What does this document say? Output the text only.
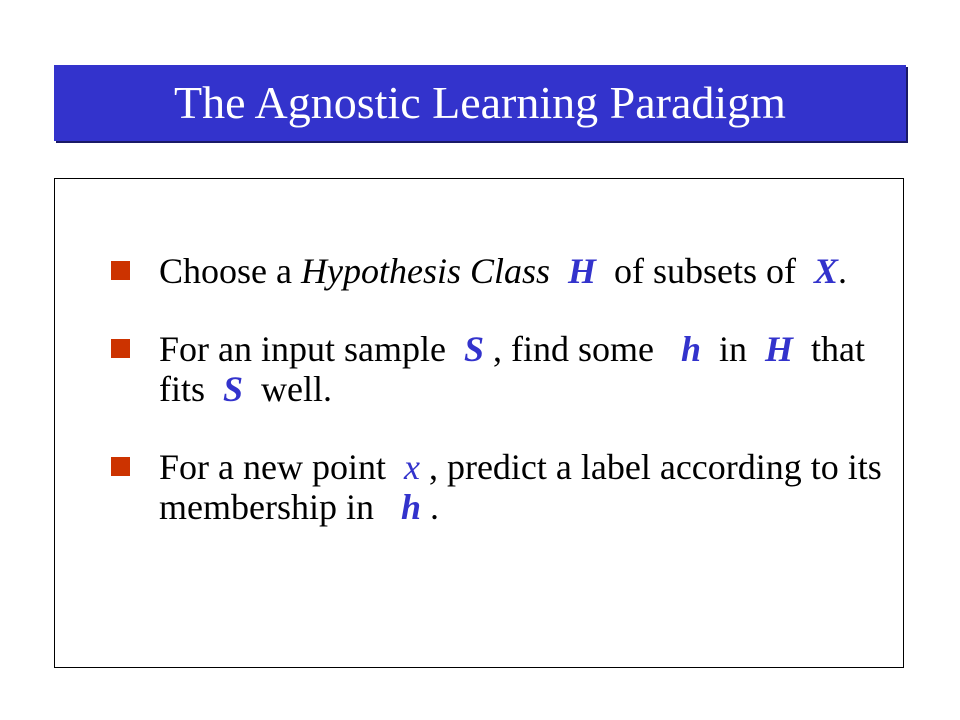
The Agnostic Learning Paradigm
Choose a Hypothesis Class H  of subsets of  X.
For an input sample  S , find some   h  in  H  that fits  S  well.
For a new point  x , predict a label according to its membership in   h .
